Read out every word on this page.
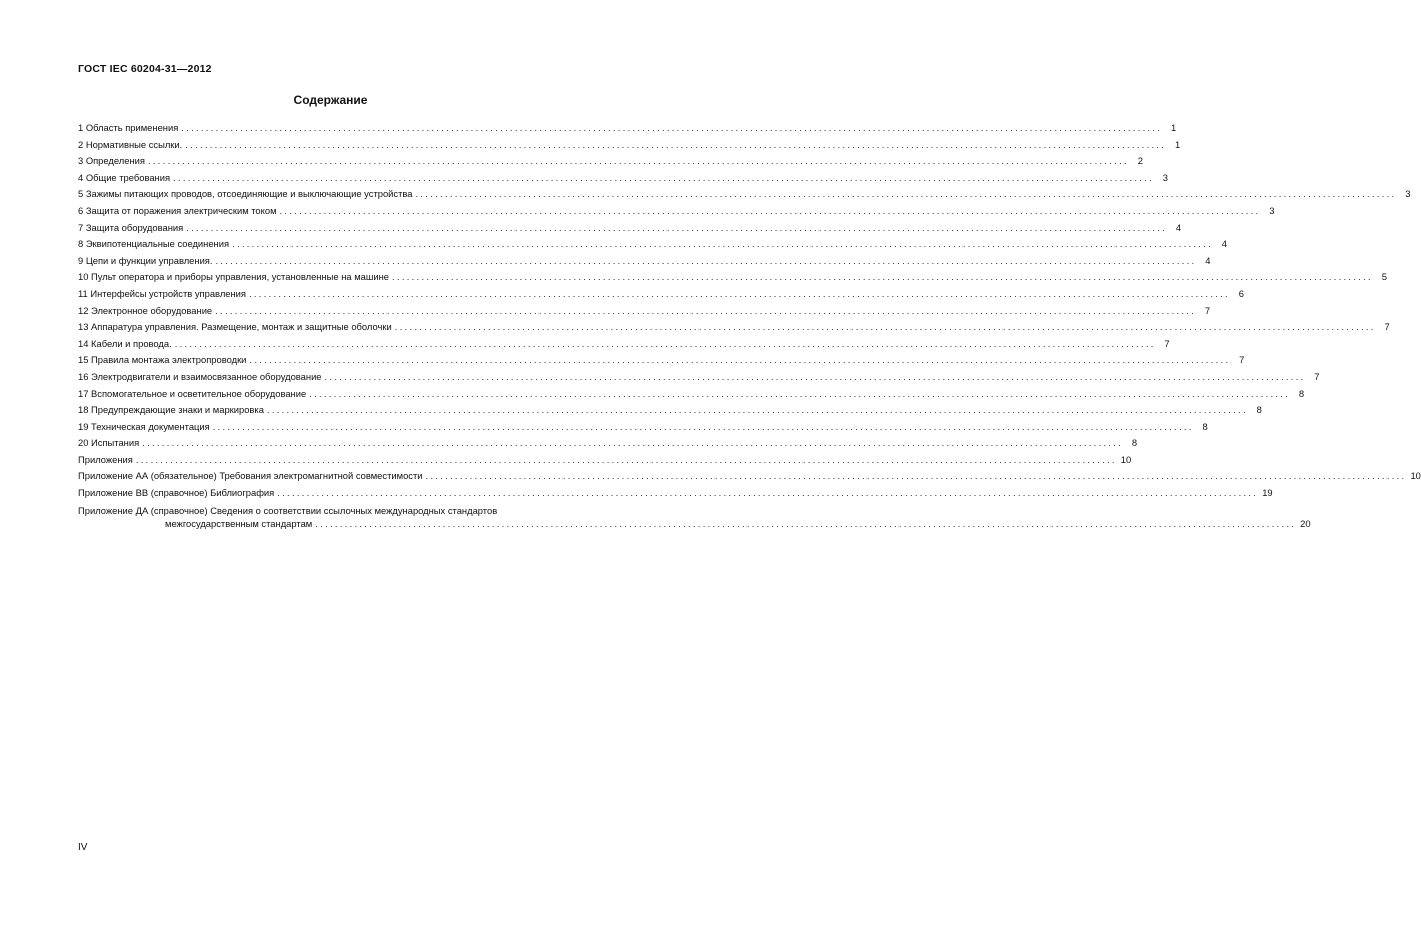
ГОСТ IEC 60204-31—2012
Содержание
1 Область применения ........................................................................................................................................................................................................ 1
2 Нормативные ссылки. ........................................................................................................................................................................................................ 1
3 Определения ........................................................................................................................................................................................................ 2
4 Общие требования ........................................................................................................................................................................................................ 3
5 Зажимы питающих проводов, отсоединяющие и выключающие устройства ........................................................................................................................................................................................................ 3
6 Защита от поражения электрическим током ........................................................................................................................................................................................................ 3
7 Защита оборудования ........................................................................................................................................................................................................ 4
8 Эквипотенциальные соединения ........................................................................................................................................................................................................ 4
9 Цепи и функции управления. ........................................................................................................................................................................................................ 4
10 Пульт оператора и приборы управления, установленные на машине ........................................................................................................................................................................................................ 5
11 Интерфейсы устройств управления ........................................................................................................................................................................................................ 6
12 Электронное оборудование ........................................................................................................................................................................................................ 7
13 Аппаратура управления. Размещение, монтаж и защитные оболочки ........................................................................................................................................................................................................ 7
14 Кабели и провода. ........................................................................................................................................................................................................ 7
15 Правила монтажа электропроводки ........................................................................................................................................................................................................ 7
16 Электродвигатели и взаимосвязанное оборудование ........................................................................................................................................................................................................ 7
17 Вспомогательное и осветительное оборудование ........................................................................................................................................................................................................ 8
18 Предупреждающие знаки и маркировка ........................................................................................................................................................................................................ 8
19 Техническая документация ........................................................................................................................................................................................................ 8
20 Испытания ........................................................................................................................................................................................................ 8
Приложения ........................................................................................................................................................................................................ 10
Приложение АА (обязательное) Требования электромагнитной совместимости ........................................................................................................................................................................................................ 10
Приложение ВВ (справочное) Библиография ........................................................................................................................................................................................................ 19
Приложение ДА (справочное) Сведения о соответствии ссылочных международных стандартов
межгосударственным стандартам ........................................................................................................................................................................................................ 20
IV
